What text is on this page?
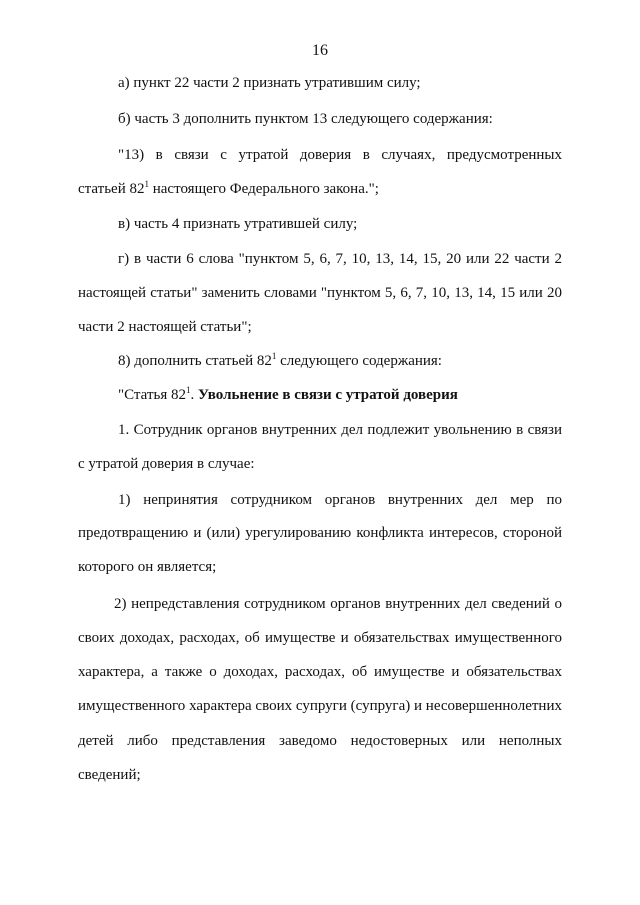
16
а) пункт 22 части 2 признать утратившим силу;
б) часть 3 дополнить пунктом 13 следующего содержания:
"13) в связи с утратой доверия в случаях, предусмотренных
статьей $82^1$ настоящего Федерального закона.";
в) часть 4 признать утратившей силу;
г) в части 6 слова "пунктом 5, 6, 7, 10, 13, 14, 15, 20 или 22 части 2
настоящей статьи" заменить словами "пунктом 5, 6, 7, 10, 13, 14, 15 или 20
части 2 настоящей статьи";
8) дополнить статьей $82^1$ следующего содержания:
"Статья $82^1$. Увольнение в связи с утратой доверия
1. Сотрудник органов внутренних дел подлежит увольнению в связи
с утратой доверия в случае:
1) непринятия сотрудником органов внутренних дел мер по
предотвращению и (или) урегулированию конфликта интересов, стороной
которого он является;
2) непредставления сотрудником органов внутренних дел сведений о
своих доходах, расходах, об имуществе и обязательствах имущественного
характера, а также о доходах, расходах, об имуществе и обязательствах
имущественного характера своих супруги (супруга) и несовершеннолетних
детей либо представления заведомо недостоверных или неполных
сведений;
